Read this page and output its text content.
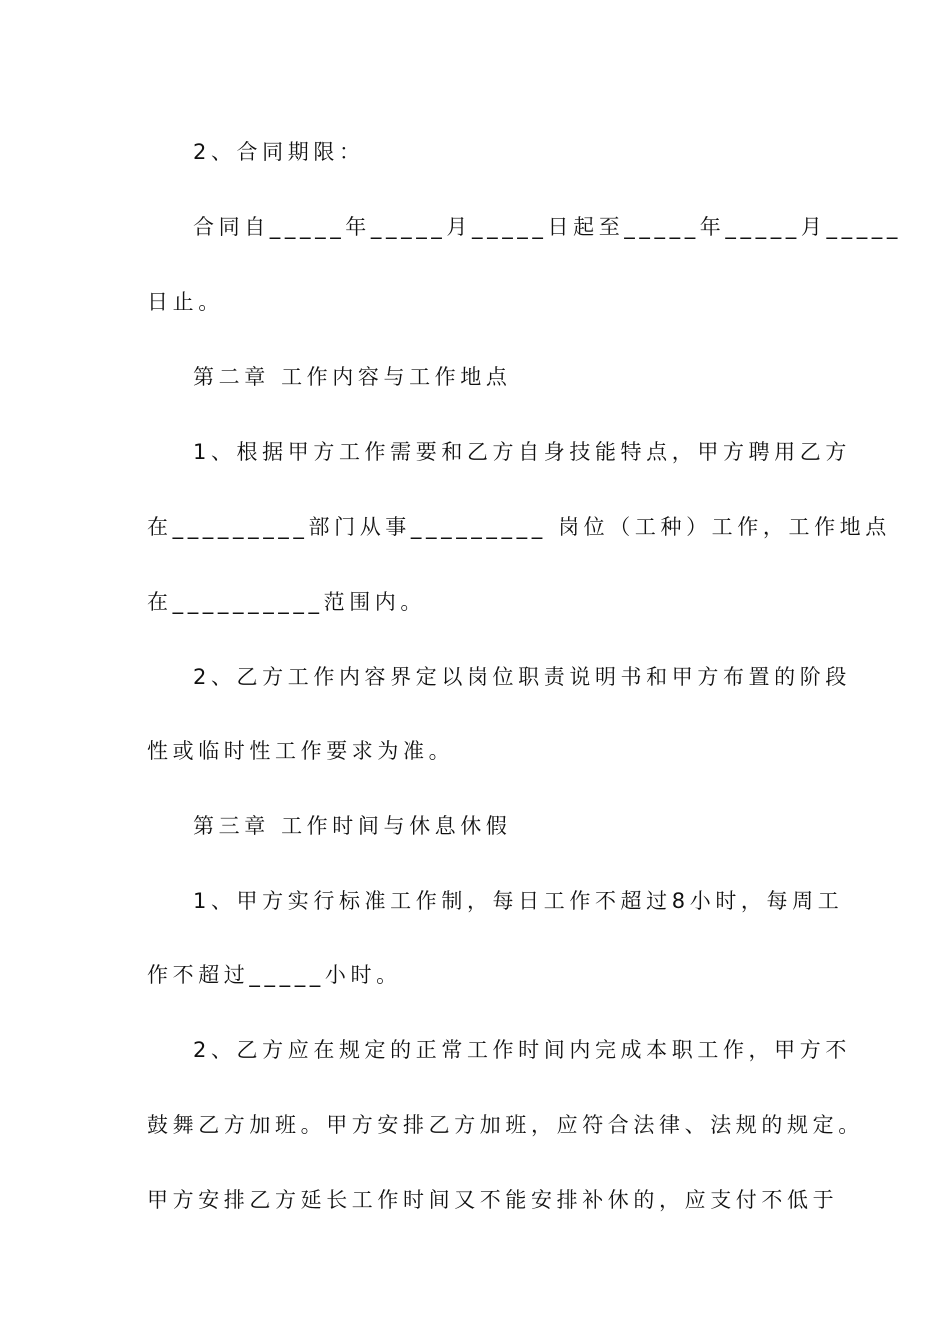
2、合同期限：
合同自_____年_____月_____日起至_____年_____月_____
日止。
第二章 工作内容与工作地点
1、根据甲方工作需要和乙方自身技能特点，甲方聘用乙方
在_________部门从事_________ 岗位（工种）工作，工作地点
在__________范围内。
2、乙方工作内容界定以岗位职责说明书和甲方布置的阶段
性或临时性工作要求为准。
第三章 工作时间与休息休假
1、甲方实行标准工作制，每日工作不超过8小时，每周工
作不超过_____小时。
2、乙方应在规定的正常工作时间内完成本职工作，甲方不
鼓舞乙方加班。甲方安排乙方加班，应符合法律、法规的规定。
甲方安排乙方延长工作时间又不能安排补休的，应支付不低于
